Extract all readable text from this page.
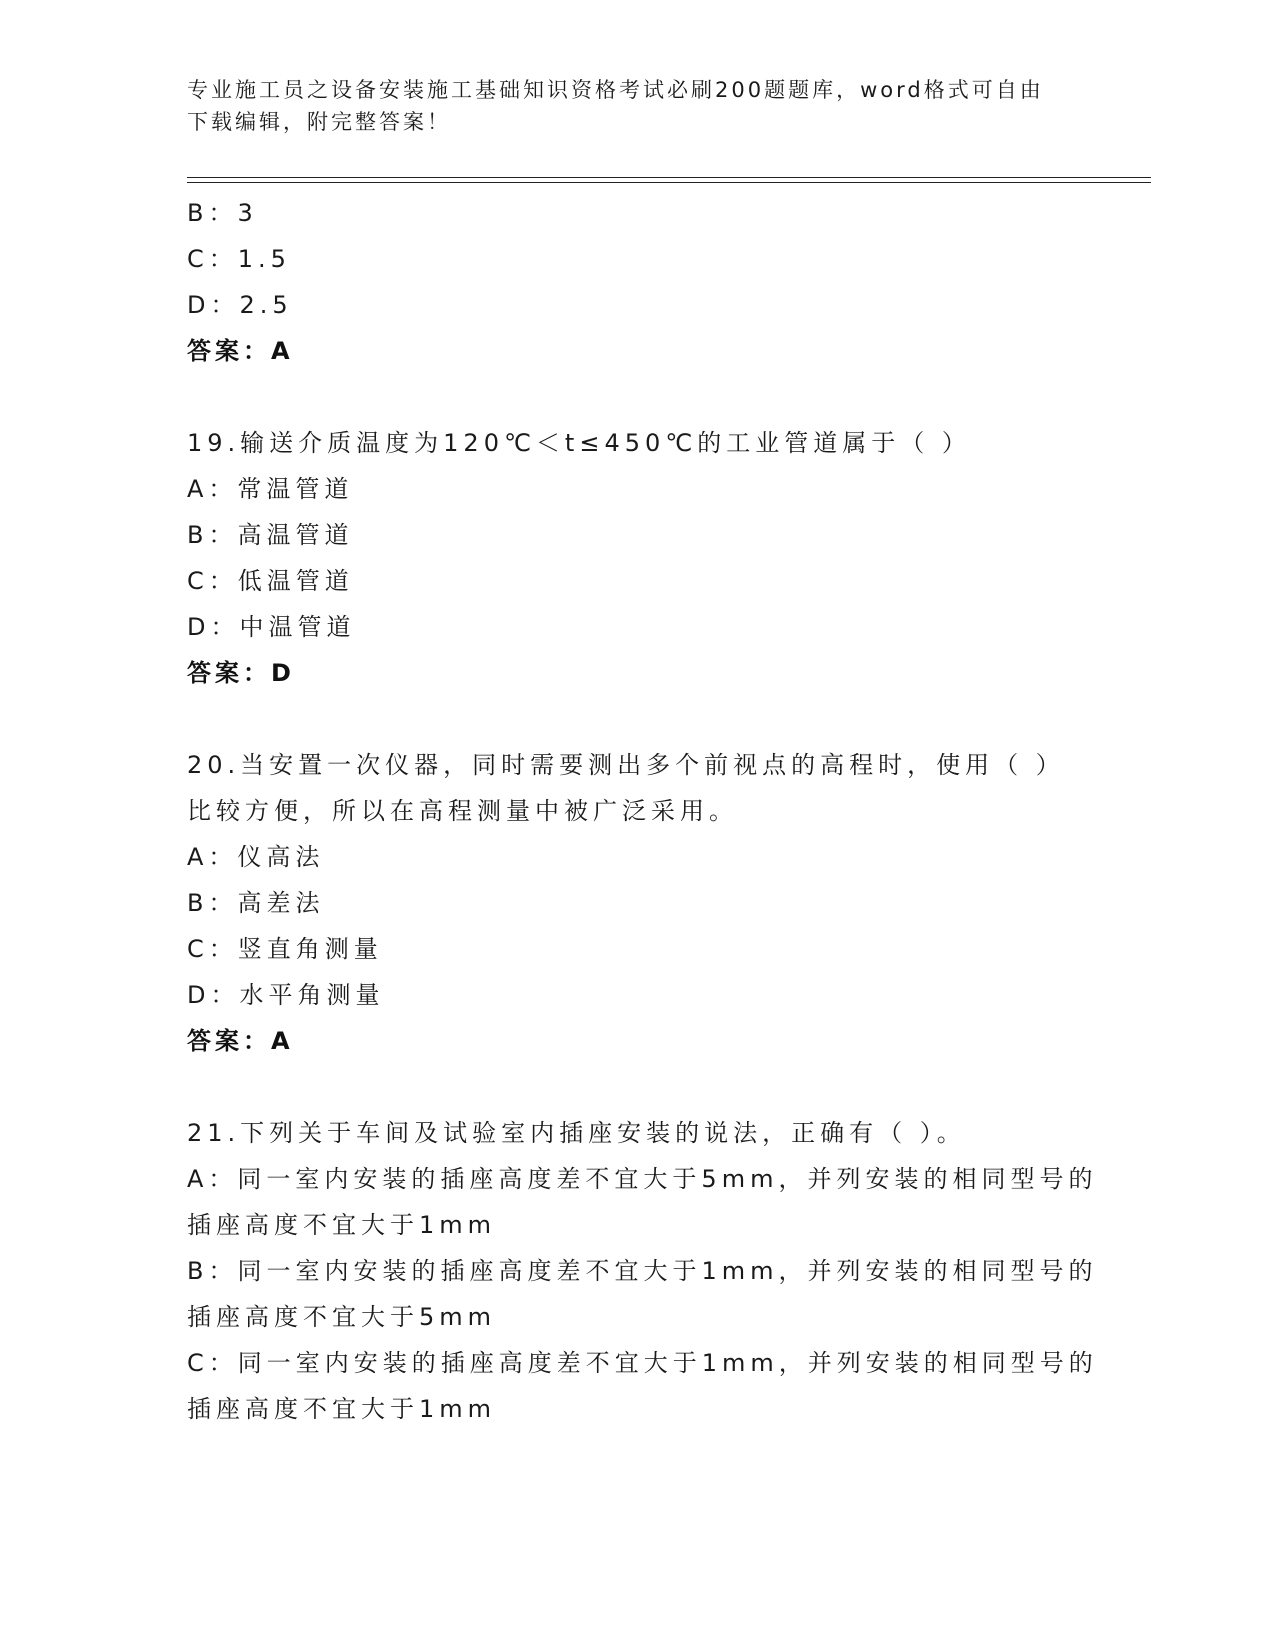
专业施工员之设备安装施工基础知识资格考试必刷200题题库，word格式可自由
下载编辑，附完整答案！
B：3
C：1.5
D：2.5
答案：A
19.输送介质温度为120℃＜t≤450℃的工业管道属于（ ）
A：常温管道
B：高温管道
C：低温管道
D：中温管道
答案：D
20.当安置一次仪器，同时需要测出多个前视点的高程时，使用（ ）
比较方便，所以在高程测量中被广泛采用。
A：仪高法
B：高差法
C：竖直角测量
D：水平角测量
答案：A
21.下列关于车间及试验室内插座安装的说法，正确有（ ）。
A：同一室内安装的插座高度差不宜大于5mm，并列安装的相同型号的
插座高度不宜大于1mm
B：同一室内安装的插座高度差不宜大于1mm，并列安装的相同型号的
插座高度不宜大于5mm
C：同一室内安装的插座高度差不宜大于1mm，并列安装的相同型号的
插座高度不宜大于1mm
